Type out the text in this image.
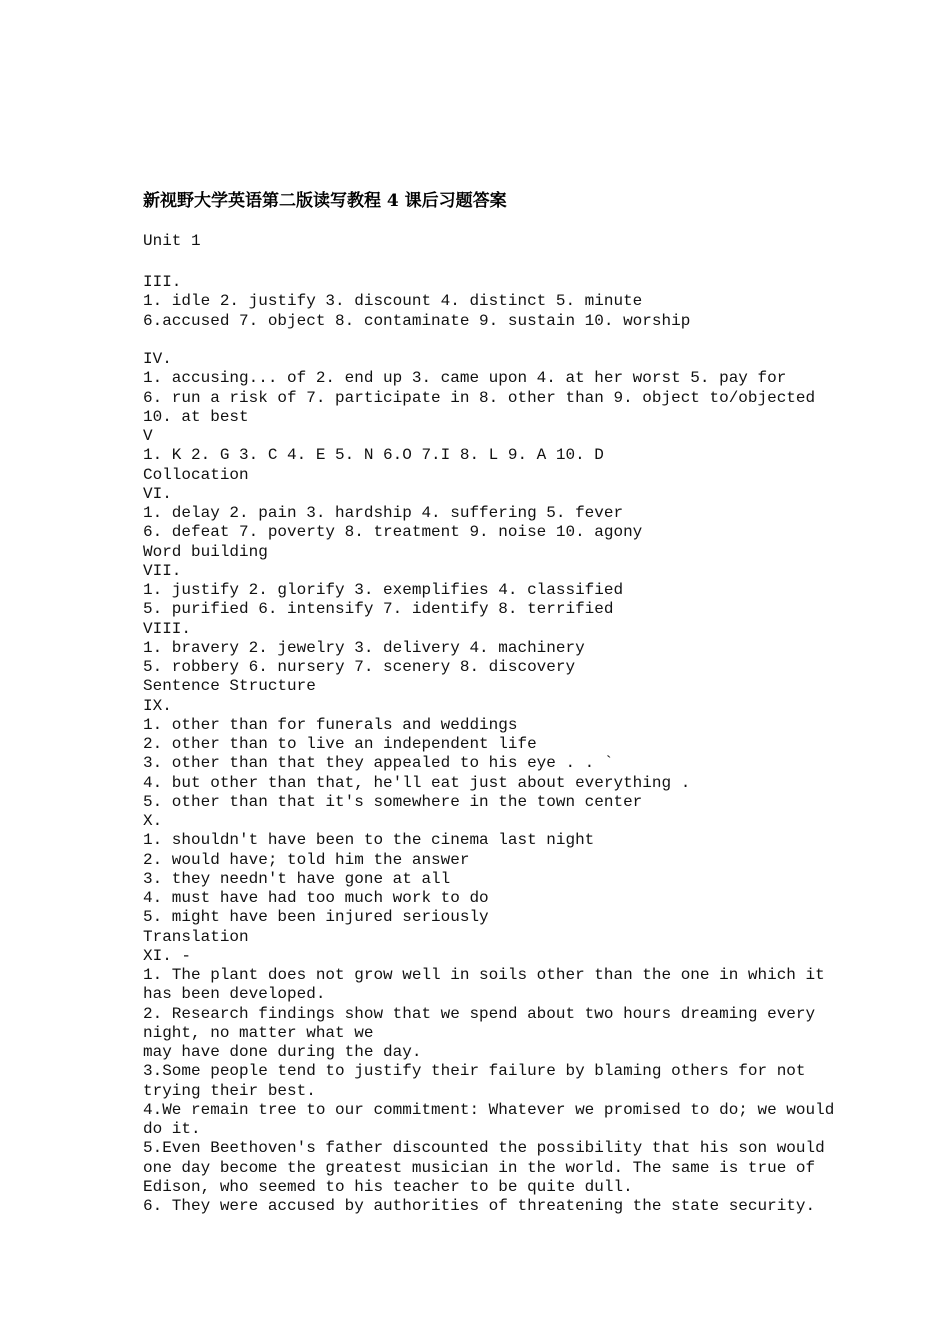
新视野大学英语第二版读写教程 4 课后习题答案
Unit 1
III.
1. idle 2. justify 3. discount 4. distinct 5. minute
6.accused 7. object 8. contaminate 9. sustain 10. worship
IV.
1. accusing... of 2. end up 3. came upon 4. at her worst 5. pay for
6. run a risk of 7. participate in 8. other than 9. object to/objected
10. at best
V
1. K 2. G 3. C 4. E 5. N 6.O 7.I 8. L 9. A 10. D
Collocation
VI.
1. delay 2. pain 3. hardship 4. suffering 5. fever
6. defeat 7. poverty 8. treatment 9. noise 10. agony
Word building
VII.
1. justify 2. glorify 3. exemplifies 4. classified
5. purified 6. intensify 7. identify 8. terrified
VIII.
1. bravery 2. jewelry 3. delivery 4. machinery
5. robbery 6. nursery 7. scenery 8. discovery
Sentence Structure
IX.
1. other than for funerals and weddings
2. other than to live an independent life
3. other than that they appealed to his eye . . `
4. but other than that, he'll eat just about everything .
5. other than that it's somewhere in the town center
X.
1. shouldn't have been to the cinema last night
2. would have; told him the answer
3. they needn't have gone at all
4. must have had too much work to do
5. might have been injured seriously
Translation
XI. -
1. The plant does not grow well in soils other than the one in which it
has been developed.
2. Research findings show that we spend about two hours dreaming every
night, no matter what we
may have done during the day.
3.Some people tend to justify their failure by blaming others for not
trying their best.
4.We remain tree to our commitment: Whatever we promised to do; we would
do it.
5.Even Beethoven's father discounted the possibility that his son would
one day become the greatest musician in the world. The same is true of
Edison, who seemed to his teacher to be quite dull.
6. They were accused by authorities of threatening the state security.
